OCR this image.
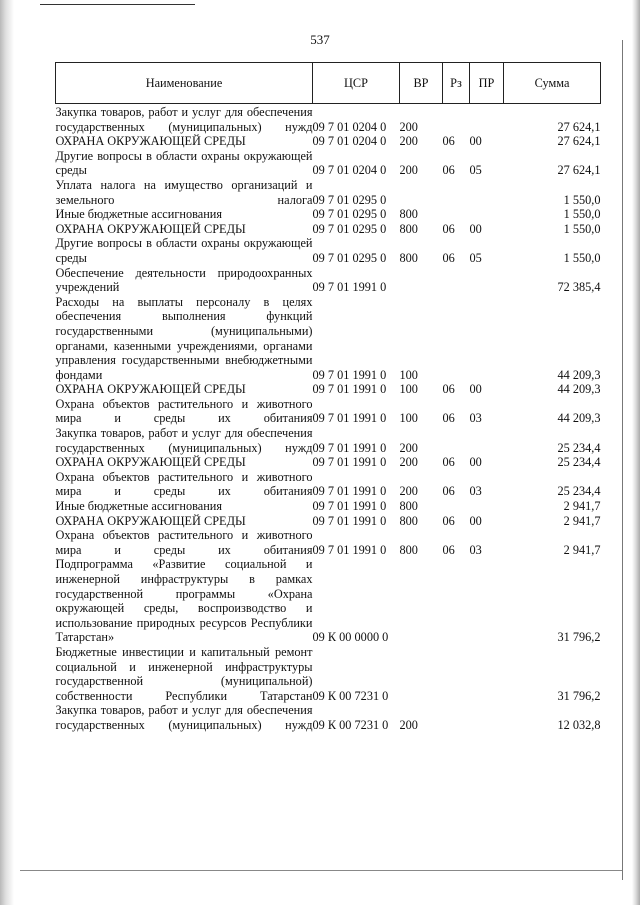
537
Наименование	ЦСР	ВР	Рз	ПР	Сумма
Закупка товаров, работ и услуг для обеспечения государственных (муниципальных) нужд	09 7 01 0204 0	200			27 624,1
ОХРАНА ОКРУЖАЮЩЕЙ СРЕДЫ	09 7 01 0204 0	200	06	00	27 624,1
Другие вопросы в области охраны окружающей среды	09 7 01 0204 0	200	06	05	27 624,1
Уплата налога на имущество организаций и земельного налога	09 7 01 0295 0				1 550,0
Иные бюджетные ассигнования	09 7 01 0295 0	800			1 550,0
ОХРАНА ОКРУЖАЮЩЕЙ СРЕДЫ	09 7 01 0295 0	800	06	00	1 550,0
Другие вопросы в области охраны окружающей среды	09 7 01 0295 0	800	06	05	1 550,0
Обеспечение деятельности природоохранных учреждений	09 7 01 1991 0				72 385,4
Расходы на выплаты персоналу в целях обеспечения выполнения функций государственными (муниципальными) органами, казенными учреждениями, органами управления государственными внебюджетными фондами	09 7 01 1991 0	100			44 209,3
ОХРАНА ОКРУЖАЮЩЕЙ СРЕДЫ	09 7 01 1991 0	100	06	00	44 209,3
Охрана объектов растительного и животного мира и среды их обитания	09 7 01 1991 0	100	06	03	44 209,3
Закупка товаров, работ и услуг для обеспечения государственных (муниципальных) нужд	09 7 01 1991 0	200			25 234,4
ОХРАНА ОКРУЖАЮЩЕЙ СРЕДЫ	09 7 01 1991 0	200	06	00	25 234,4
Охрана объектов растительного и животного мира и среды их обитания	09 7 01 1991 0	200	06	03	25 234,4
Иные бюджетные ассигнования	09 7 01 1991 0	800			2 941,7
ОХРАНА ОКРУЖАЮЩЕЙ СРЕДЫ	09 7 01 1991 0	800	06	00	2 941,7
Охрана объектов растительного и животного мира и среды их обитания	09 7 01 1991 0	800	06	03	2 941,7
Подпрограмма «Развитие социальной и инженерной инфраструктуры в рамках государственной программы «Охрана окружающей среды, воспроизводство и использование природных ресурсов Республики Татарстан»	09 К 00 0000 0				31 796,2
Бюджетные инвестиции и капитальный ремонт социальной и инженерной инфраструктуры государственной (муниципальной) собственности Республики Татарстан	09 К 00 7231 0				31 796,2
Закупка товаров, работ и услуг для обеспечения государственных (муниципальных) нужд	09 К 00 7231 0	200			12 032,8
